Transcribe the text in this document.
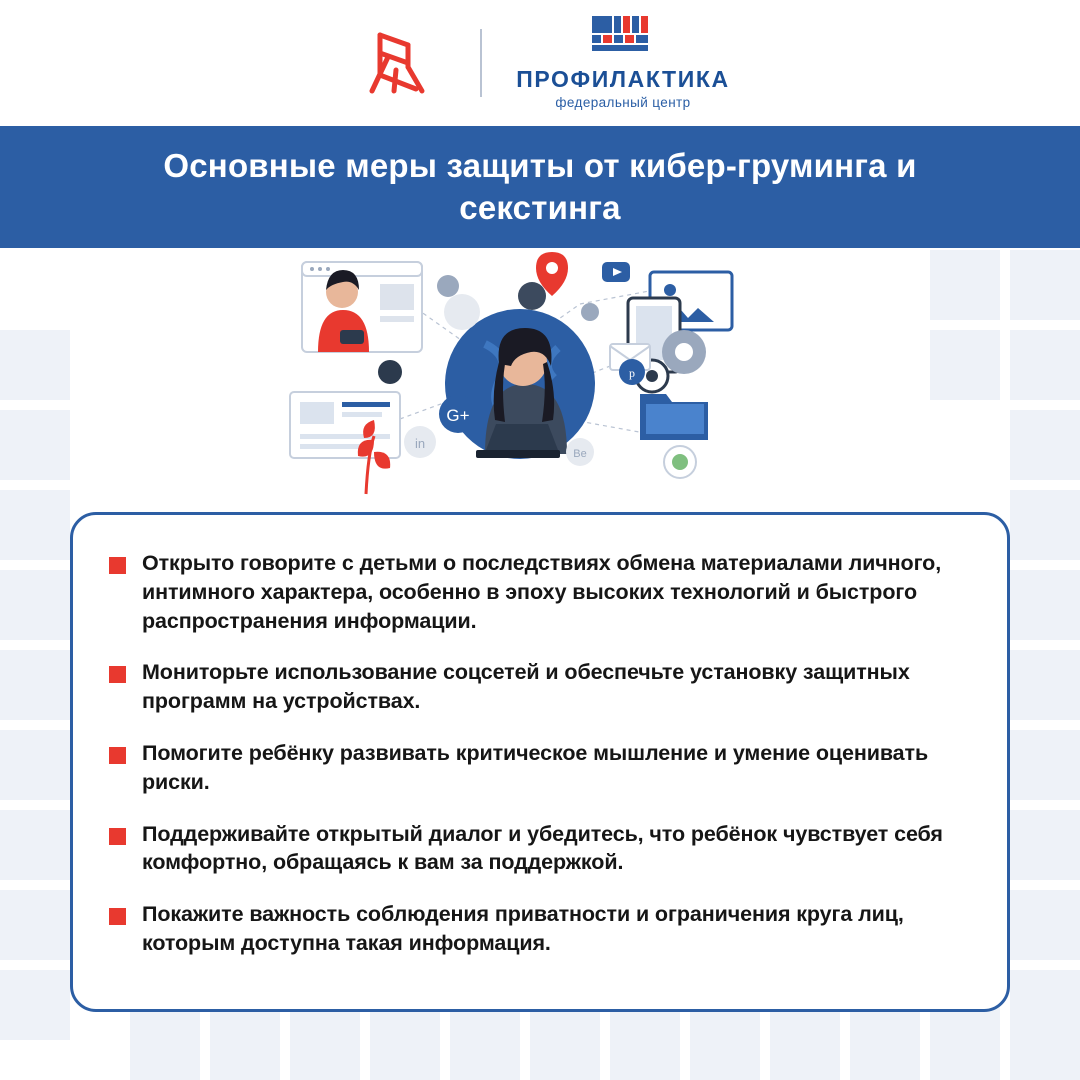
ПРОФИЛАКТИКА
федеральный центр
Основные меры защиты от кибер-груминга и секстинга
G+
in
p
Be
Открыто говорите с детьми о последствиях обмена материалами личного, интимного характера, особенно в эпоху высоких технологий и быстрого распространения информации.
Мониторьте использование соцсетей и обеспечьте установку защитных программ на устройствах.
Помогите ребёнку развивать критическое мышление и умение оценивать риски.
Поддерживайте открытый диалог и убедитесь, что ребёнок чувствует себя комфортно, обращаясь к вам за поддержкой.
Покажите важность соблюдения приватности и ограничения круга лиц, которым доступна такая информация.
